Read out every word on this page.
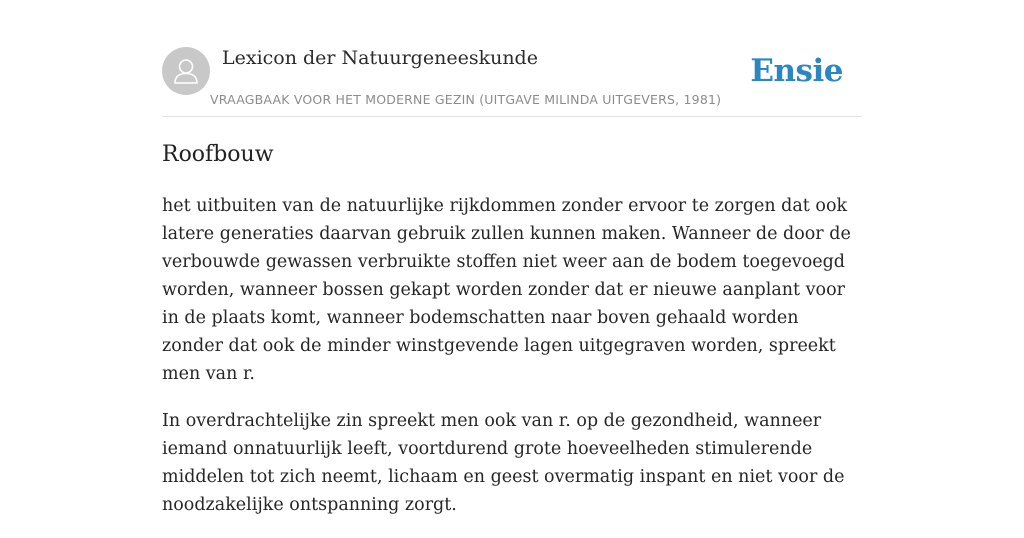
Lexicon der Natuurgeneeskunde
VRAAGBAAK VOOR HET MODERNE GEZIN (UITGAVE MILINDA UITGEVERS, 1981)
Ensie
Roofbouw

het uitbuiten van de natuurlijke rijkdommen zonder ervoor te zorgen dat ook latere generaties daarvan gebruik zullen kunnen maken. Wanneer de door de verbouwde gewassen verbruikte stoffen niet weer aan de bodem toegevoegd worden, wanneer bossen gekapt worden zonder dat er nieuwe aanplant voor in de plaats komt, wanneer bodemschatten naar boven gehaald worden zonder dat ook de minder winstgevende lagen uitgegraven worden, spreekt men van r.

In overdrachtelijke zin spreekt men ook van r. op de gezondheid, wanneer iemand onnatuurlijk leeft, voortdurend grote hoeveelheden stimulerende middelen tot zich neemt, lichaam en geest overmatig inspant en niet voor de noodzakelijke ontspanning zorgt.
